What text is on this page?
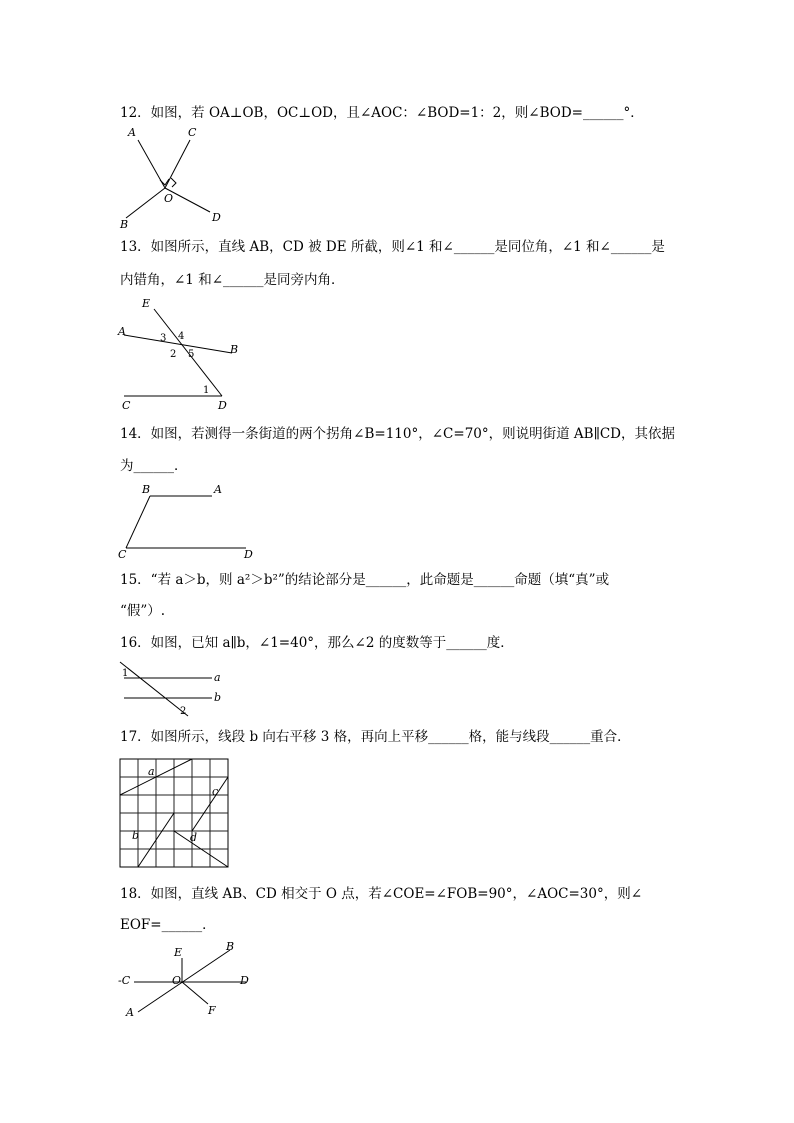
12．如图，若 OA⊥OB，OC⊥OD，且∠AOC：∠BOD=1：2，则∠BOD=______°．
A	C
O
B
D
13．如图所示，直线 AB，CD 被 DE 所截，则∠1 和∠______是同位角，∠1 和∠______是
内错角，∠1 和∠______是同旁内角．
E
A
3 4
2 5	B
1
C	D
14．如图，若测得一条街道的两个拐角∠B=110°，∠C=70°，则说明街道 AB∥CD，其依据
为______．
B	A
C	D
15．“若 a＞b，则 a²＞b²”的结论部分是______，此命题是______命题（填“真”或
“假”）.
16．如图，已知 a∥b，∠1=40°，那么∠2 的度数等于______度．
1	a
b
2
17．如图所示，线段 b 向右平移 3 格，再向上平移______格，能与线段______重合．
a
c
b	d
18．如图，直线 AB、CD 相交于 O 点，若∠COE=∠FOB=90°，∠AOC=30°，则∠
EOF=______．
E	B
-C	O	D
A	F
